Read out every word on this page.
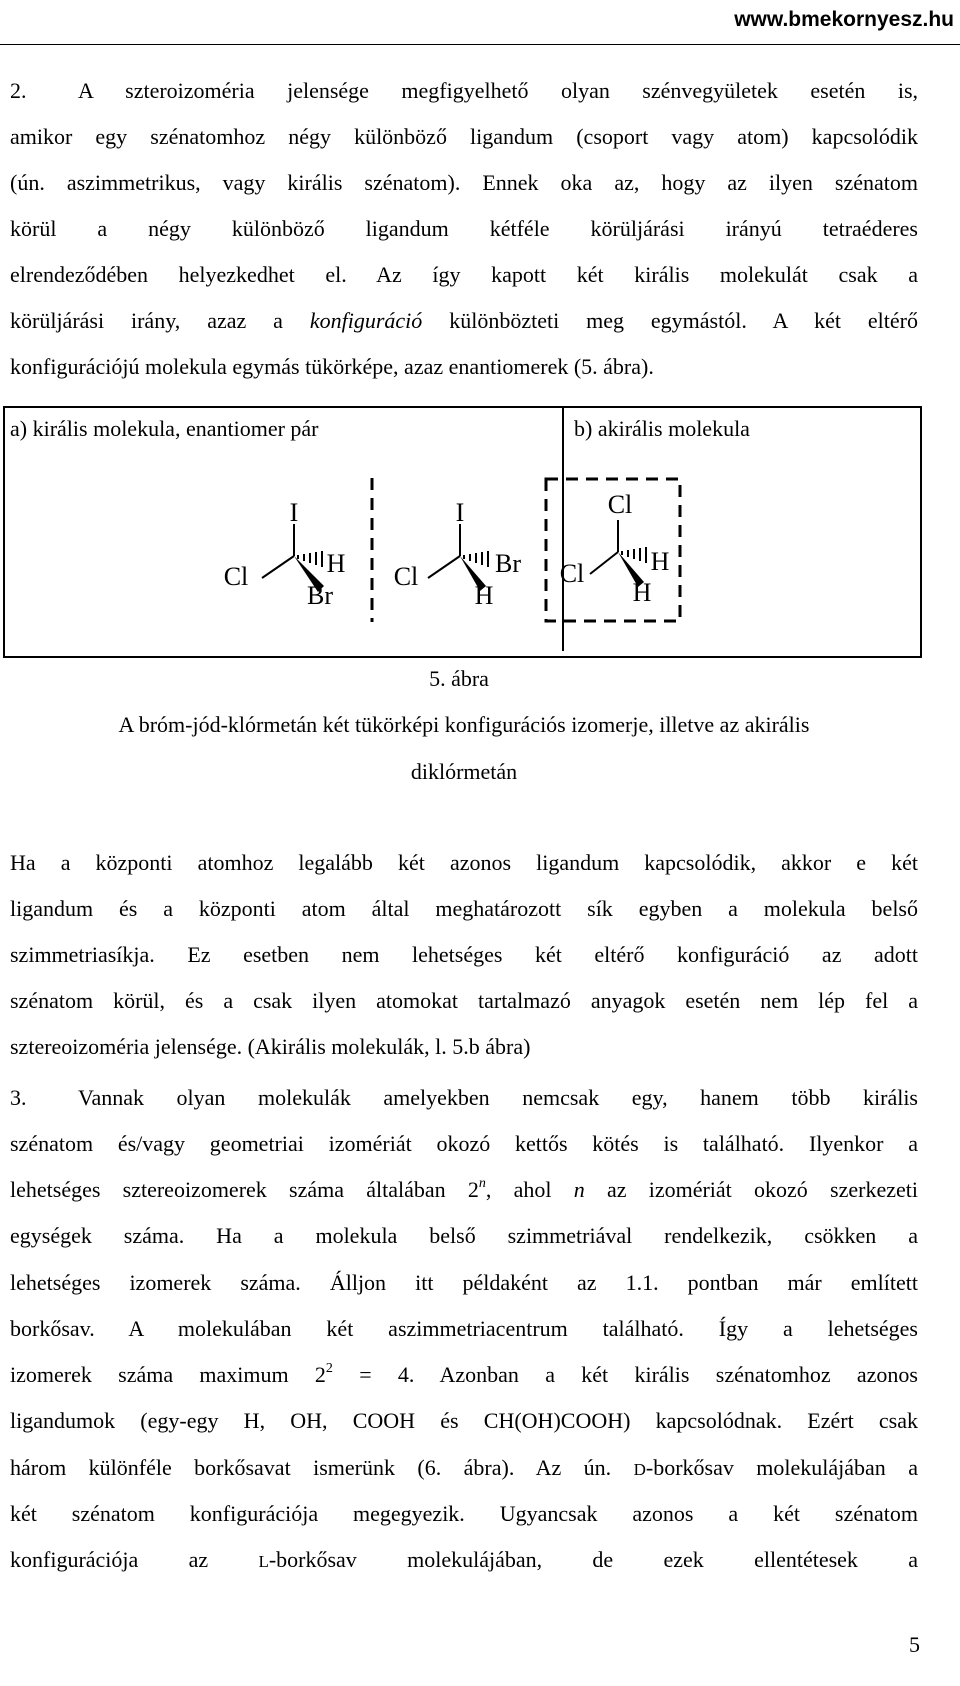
www.bmekornyesz.hu
2. A szteroizoméria jelensége megfigyelhető olyan szénvegyületek esetén is,
amikor egy szénatomhoz négy különböző ligandum (csoport vagy atom) kapcsolódik
(ún. aszimmetrikus, vagy királis szénatom). Ennek oka az, hogy az ilyen szénatom
körül a négy különböző ligandum kétféle körüljárási irányú tetraéderes
elrendeződében helyezkedhet el. Az így kapott két királis molekulát csak a
körüljárási irány, azaz a konfiguráció különbözteti meg egymástól. A két eltérő
konfigurációjú molekula egymás tükörképe, azaz enantiomerek (5. ábra).
a) királis molekula, enantiomer pár	b) akirális molekula
I
Cl	H
Br
I
Cl	Br
H
Cl
Cl	H
H
5. ábra
A bróm-jód-klórmetán két tükörképi konfigurációs izomerje, illetve az akirális
diklórmetán
Ha a központi atomhoz legalább két azonos ligandum kapcsolódik, akkor e két
ligandum és a központi atom által meghatározott sík egyben a molekula belső
szimmetriasíkja. Ez esetben nem lehetséges két eltérő konfiguráció az adott
szénatom körül, és a csak ilyen atomokat tartalmazó anyagok esetén nem lép fel a
sztereoizoméria jelensége. (Akirális molekulák, l. 5.b ábra)
3. Vannak olyan molekulák amelyekben nemcsak egy, hanem több királis
szénatom és/vagy geometriai izomériát okozó kettős kötés is található. Ilyenkor a
lehetséges sztereoizomerek száma általában 2$^n$, ahol n az izomériát okozó szerkezeti
egységek száma. Ha a molekula belső szimmetriával rendelkezik, csökken a
lehetséges izomerek száma. Álljon itt példaként az 1.1. pontban már említett
borkősav. A molekulában két aszimmetriacentrum található. Így a lehetséges
izomerek száma maximum $2^2 = 4$. Azonban a két királis szénatomhoz azonos
ligandumok (egy-egy H, OH, COOH és CH(OH)COOH) kapcsolódnak. Ezért csak
három különféle borkősavat ismerünk (6. ábra). Az ún. D-borkősav molekulájában a
két szénatom konfigurációja megegyezik. Ugyancsak azonos a két szénatom
konfigurációja az L-borkősav molekulájában, de ezek ellentétesek a
5
